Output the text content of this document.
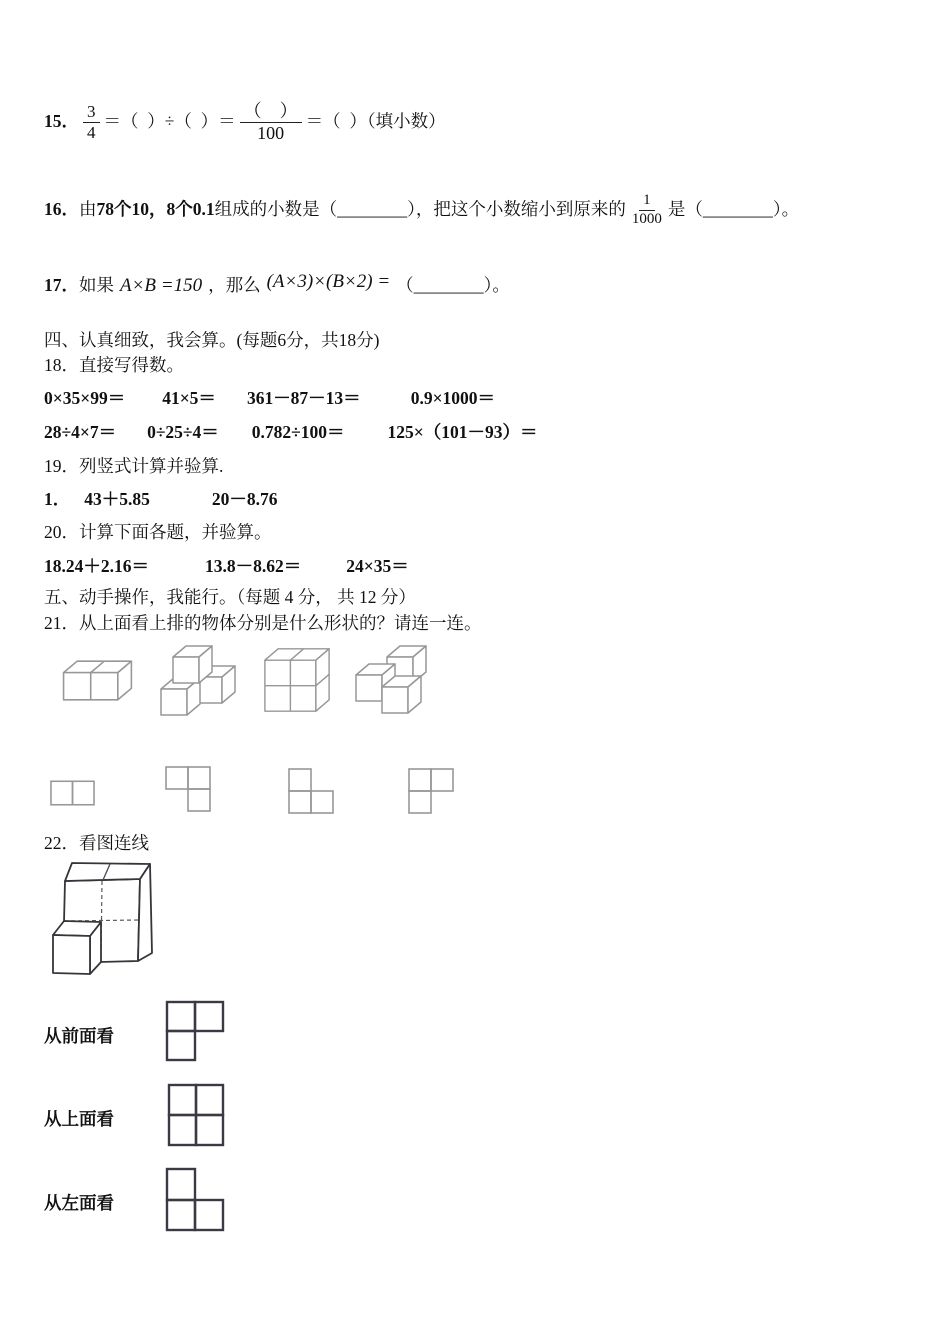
15． $\frac{3}{4}$ ＝（  ）÷（  ）＝ $\frac{( )}{100}$ ＝（  ）（填小数）
16． 由 78个10，8个0.1 组成的小数是（________），把这个小数缩小到原来的 $\frac{1}{1000}$ 是（________）。
17． 如果 A×B =150 ，那么 (A×3)×(B×2) = （________）。
四、认真细致，我会算。(每题6分，共18分)
18． 直接写得数。
0×35×99＝ 41×5＝ 361－87－13＝	0.9×1000＝
28÷4×7＝ 0÷25÷4＝ 0.782÷100＝ 125×（101－93）＝
19． 列竖式计算并验算.
1． 43＋5.85	20－8.76
20． 计算下面各题，并验算。
18.24＋2.16＝	13.8－8.62＝	24×35＝
五、动手操作，我能行。（每题 4 分， 共 12 分）
21． 从上面看上排的物体分别是什么形状的？请连一连。
22． 看图连线
从前面看
从上面看
从左面看
